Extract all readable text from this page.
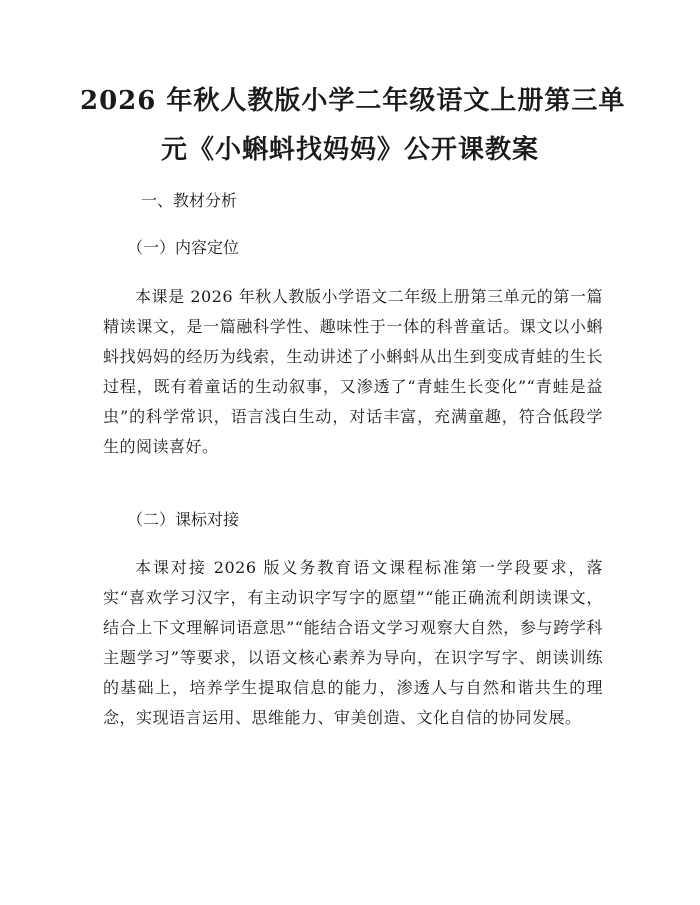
2026 年秋人教版小学二年级语文上册第三单
元《小蝌蚪找妈妈》公开课教案
一、教材分析
（一）内容定位

本课是 2026 年秋人教版小学语文二年级上册第三单元的第一篇精读课文，是一篇融科学性、趣味性于一体的科普童话。课文以小蝌蚪找妈妈的经历为线索，生动讲述了小蝌蚪从出生到变成青蛙的生长过程，既有着童话的生动叙事，又渗透了“青蛙生长变化”“青蛙是益虫”的科学常识，语言浅白生动，对话丰富，充满童趣，符合低段学生的阅读喜好。

（二）课标对接

本课对接 2026 版义务教育语文课程标准第一学段要求，落实“喜欢学习汉字，有主动识字写字的愿望”“能正确流利朗读课文，结合上下文理解词语意思”“能结合语文学习观察大自然，参与跨学科主题学习”等要求，以语文核心素养为导向，在识字写字、朗读训练的基础上，培养学生提取信息的能力，渗透人与自然和谐共生的理念，实现语言运用、思维能力、审美创造、文化自信的协同发展。
